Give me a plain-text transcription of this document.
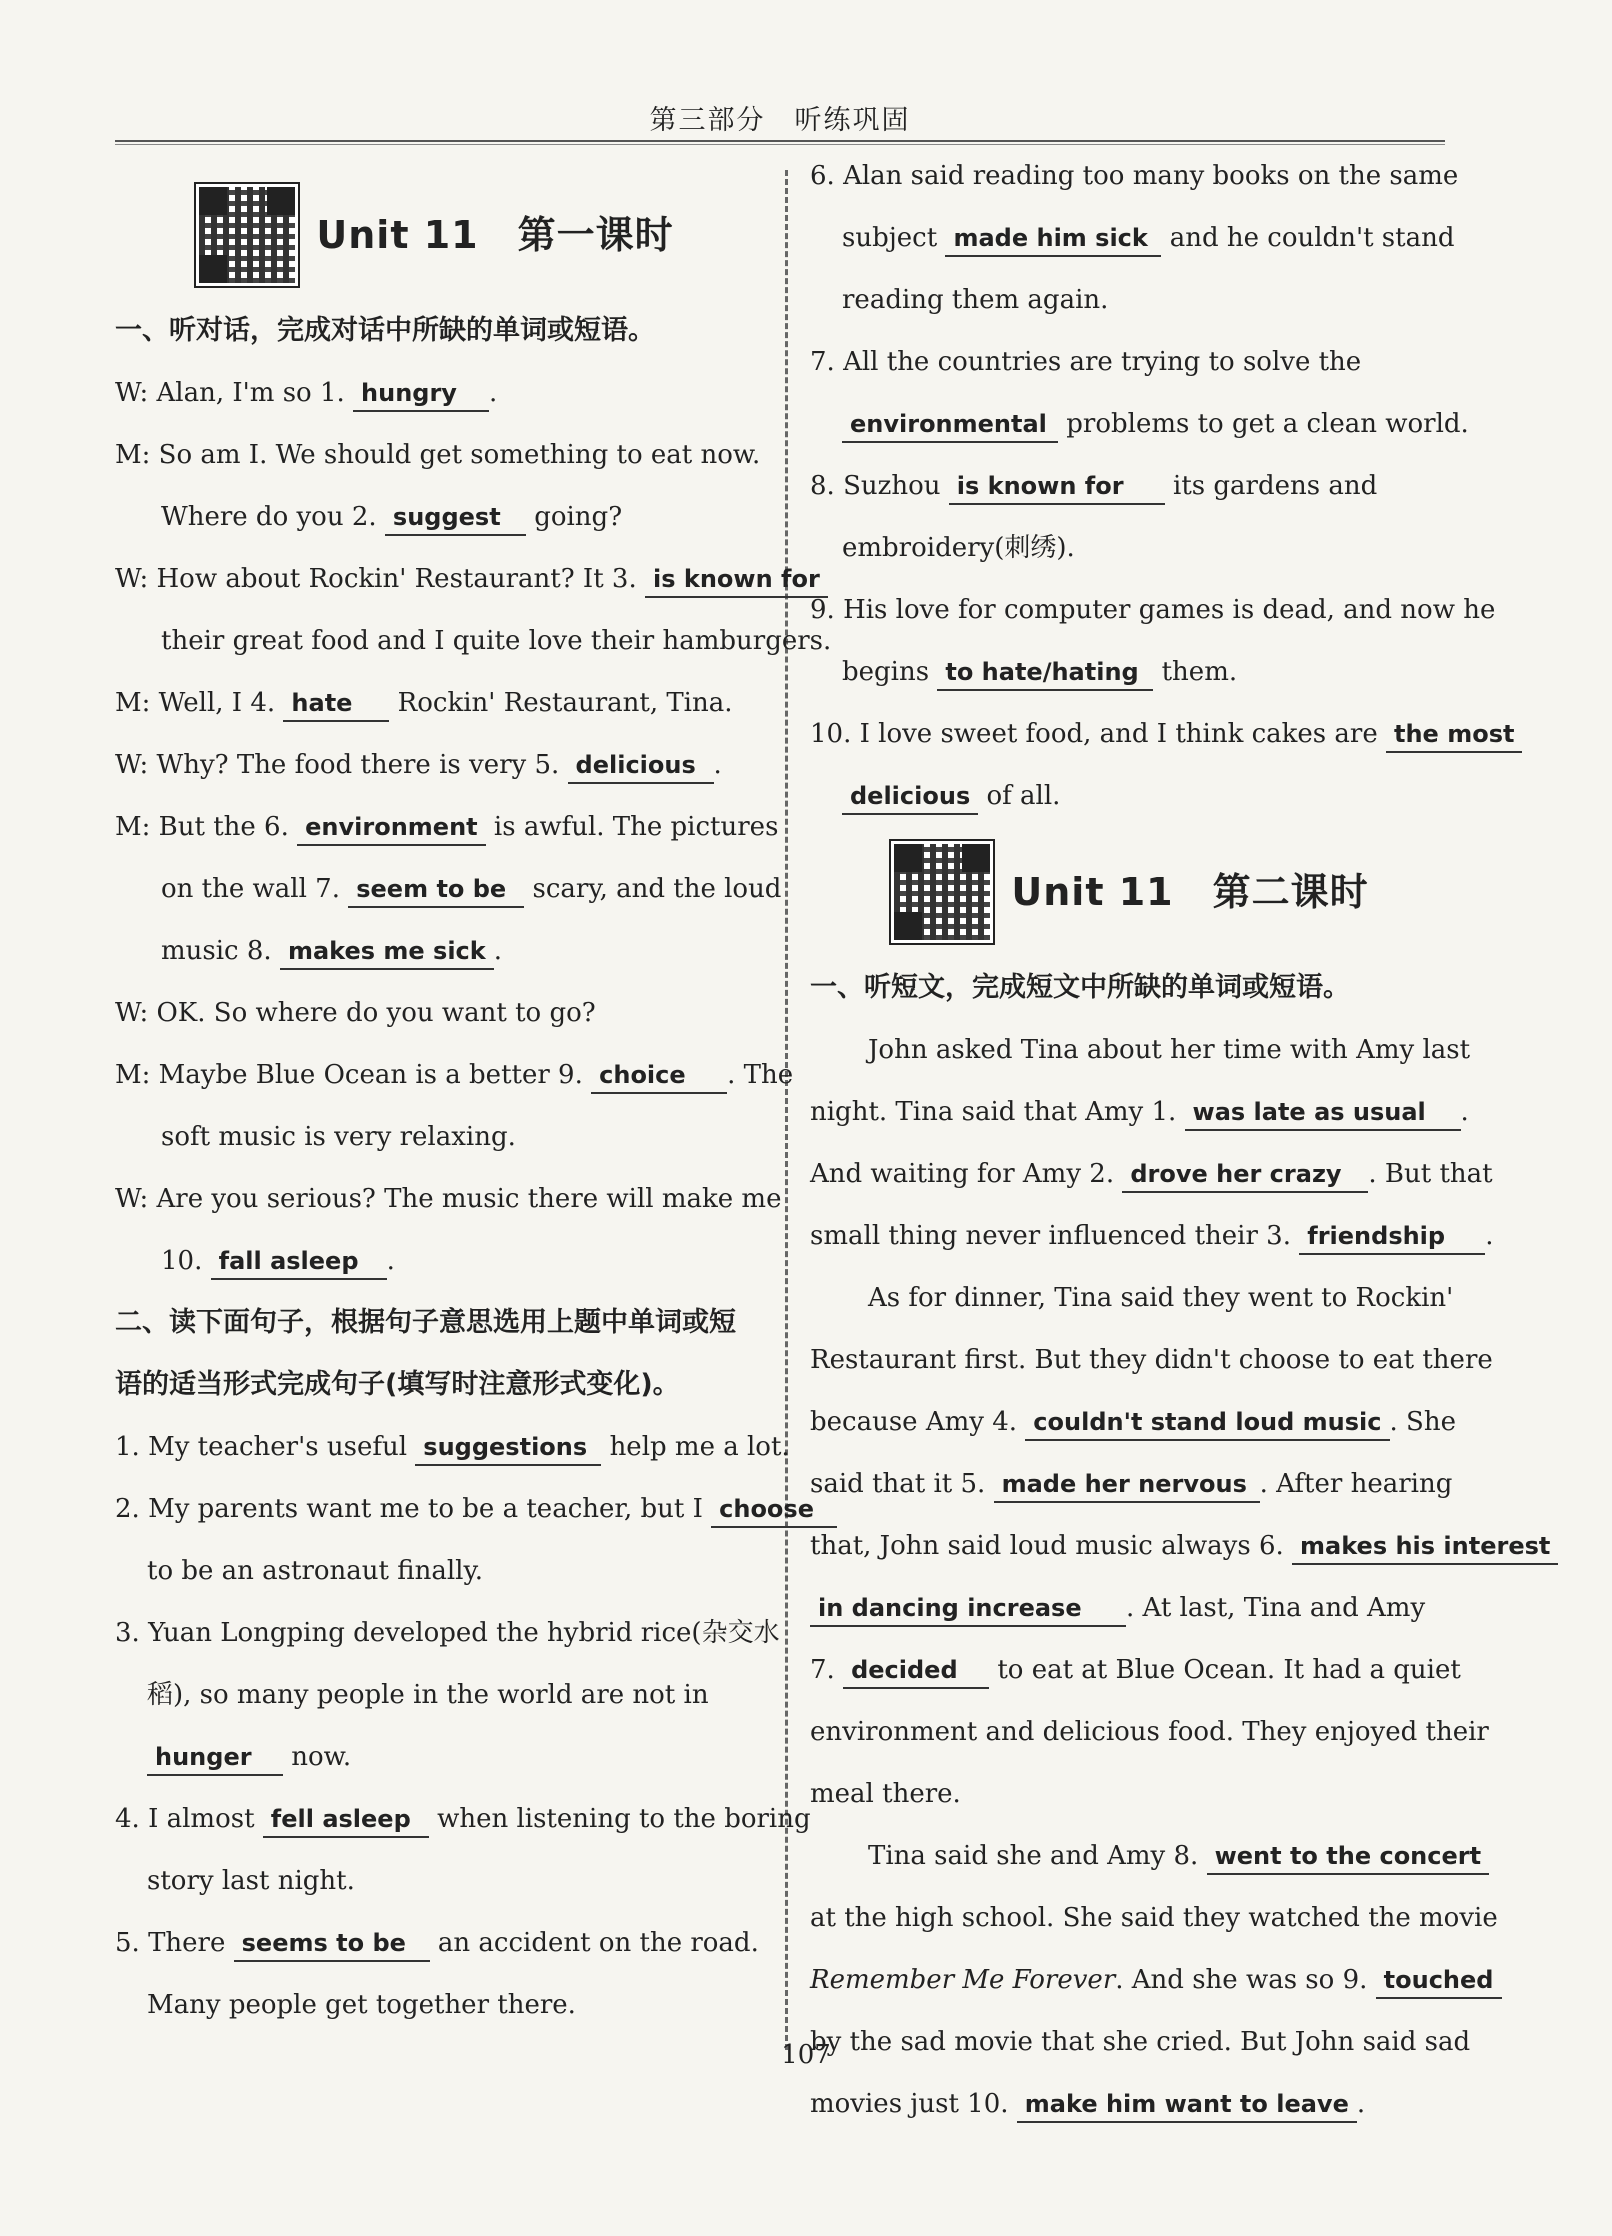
第三部分　听练巩固
Unit 11　第一课时
一、听对话，完成对话中所缺的单词或短语。
W: Alan, I'm so 1. hungry .
M: So am I. We should get something to eat now.
Where do you 2. suggest going?
W: How about Rockin' Restaurant? It 3. is known for
their great food and I quite love their hamburgers.
M: Well, I 4. hate Rockin' Restaurant, Tina.
W: Why? The food there is very 5. delicious .
M: But the 6. environment is awful. The pictures
on the wall 7. seem to be scary, and the loud
music 8. makes me sick .
W: OK. So where do you want to go?
M: Maybe Blue Ocean is a better 9. choice . The
soft music is very relaxing.
W: Are you serious? The music there will make me
10. fall asleep .
二、读下面句子，根据句子意思选用上题中单词或短
语的适当形式完成句子(填写时注意形式变化)。
1. My teacher's useful suggestions help me a lot.
2. My parents want me to be a teacher, but I choose
to be an astronaut finally.
3. Yuan Longping developed the hybrid rice(杂交水
稻), so many people in the world are not in
hunger now.
4. I almost fell asleep when listening to the boring
story last night.
5. There seems to be an accident on the road.
Many people get together there.
6. Alan said reading too many books on the same
subject made him sick and he couldn't stand
reading them again.
7. All the countries are trying to solve the
environmental problems to get a clean world.
8. Suzhou is known for its gardens and
embroidery(刺绣).
9. His love for computer games is dead, and now he
begins to hate/hating them.
10. I love sweet food, and I think cakes are the most
delicious of all.
Unit 11　第二课时
一、听短文，完成短文中所缺的单词或短语。
John asked Tina about her time with Amy last
night. Tina said that Amy 1. was late as usual .
And waiting for Amy 2. drove her crazy . But that
small thing never influenced their 3. friendship .
As for dinner, Tina said they went to Rockin'
Restaurant first. But they didn't choose to eat there
because Amy 4. couldn't stand loud music . She
said that it 5. made her nervous . After hearing
that, John said loud music always 6. makes his interest
in dancing increase . At last, Tina and Amy
7. decided to eat at Blue Ocean. It had a quiet
environment and delicious food. They enjoyed their
meal there.
Tina said she and Amy 8. went to the concert
at the high school. She said they watched the movie
Remember Me Forever. And she was so 9. touched
by the sad movie that she cried. But John said sad
movies just 10. make him want to leave .
107
